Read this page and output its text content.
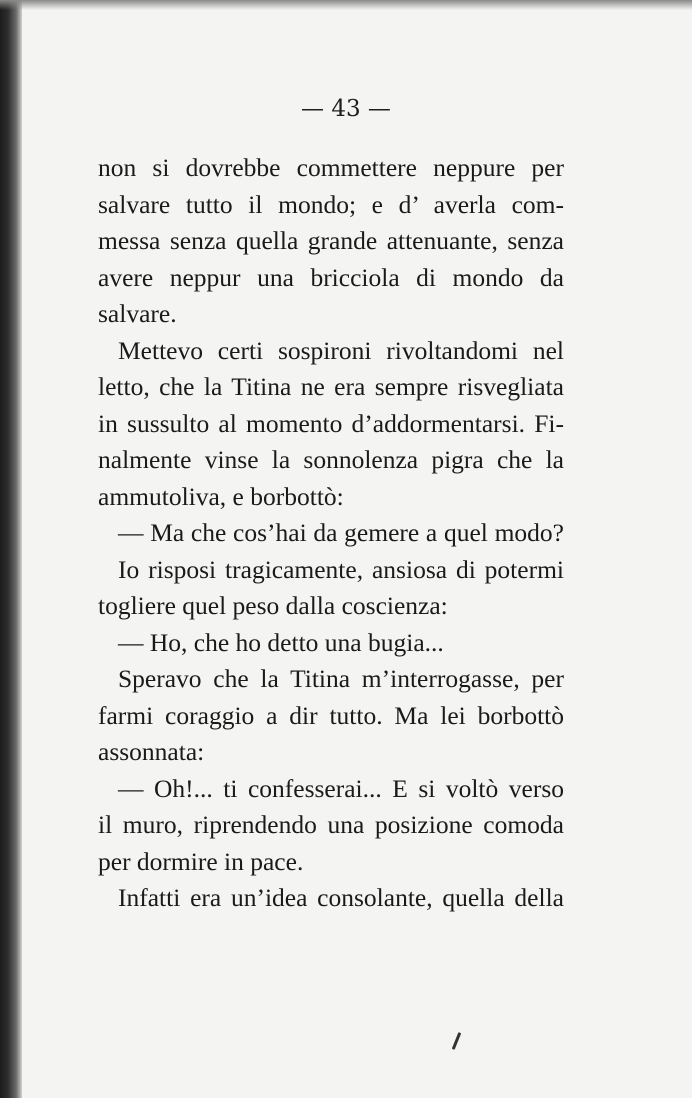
— 43 —

non si dovrebbe commettere neppure per
salvare tutto il mondo; e d’ averla com-
messa senza quella grande attenuante, senza
avere neppur una bricciola di mondo da
salvare.
Mettevo certi sospironi rivoltandomi nel
letto, che la Titina ne era sempre risvegliata
in sussulto al momento d’addormentarsi. Fi-
nalmente vinse la sonnolenza pigra che la
ammutoliva, e borbottò:
— Ma che cos’hai da gemere a quel modo?
Io risposi tragicamente, ansiosa di potermi
togliere quel peso dalla coscienza:
— Ho, che ho detto una bugia...
Speravo che la Titina m’interrogasse, per
farmi coraggio a dir tutto. Ma lei borbottò
assonnata:
— Oh!... ti confesserai... E si voltò verso
il muro, riprendendo una posizione comoda
per dormire in pace.
Infatti era un’idea consolante, quella della
